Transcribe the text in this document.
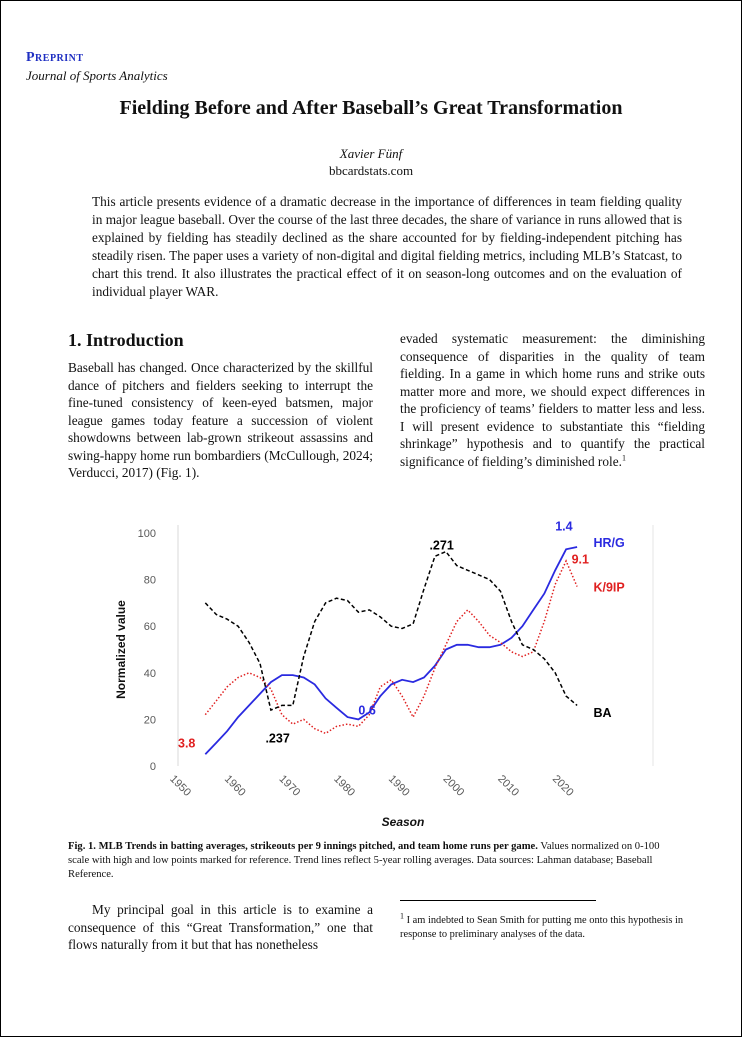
Preprint
Journal of Sports Analytics
Fielding Before and After Baseball’s Great Transformation
Xavier Fünf
bbcardstats.com
This article presents evidence of a dramatic decrease in the importance of differences in team fielding quality in major league baseball. Over the course of the last three decades, the share of variance in runs allowed that is explained by fielding has steadily declined as the share accounted for by fielding-independent pitching has steadily risen. The paper uses a variety of non-digital and digital fielding metrics, including MLB’s Statcast, to chart this trend. It also illustrates the practical effect of it on season-long outcomes and on the evaluation of individual player WAR.
1. Introduction
Baseball has changed. Once characterized by the skillful dance of pitchers and fielders seeking to interrupt the fine-tuned consistency of keen-eyed batsmen, major league games today feature a succession of violent showdowns between lab-grown strikeout assassins and swing-happy home run bombardiers (McCullough, 2024; Verducci, 2017) (Fig. 1).
evaded systematic measurement: the diminishing consequence of disparities in the quality of team fielding. In a game in which home runs and strike outs matter more and more, we should expect differences in the proficiency of teams’ fielders to matter less and less. I will present evidence to substantiate this “fielding shrinkage” hypothesis and to quantify the practical significance of fielding’s diminished role.$^1$
0
20
40
60
80
100
1950	1960	1970	1980	1990	2000	2010	2020
Season
Normalized value
1.4
HR/G
9.1
K/9IP
.271
0.6
3.8	.237
BA
Fig. 1. MLB Trends in batting averages, strikeouts per 9 innings pitched, and team home runs per game. Values normalized on 0-100 scale with high and low points marked for reference. Trend lines reflect 5-year rolling averages. Data sources: Lahman database; Baseball Reference.
My principal goal in this article is to examine a consequence of this “Great Transformation,” one that flows naturally from it but that has nonetheless
$^1$ I am indebted to Sean Smith for putting me onto this hypothesis in response to preliminary analyses of the data.
